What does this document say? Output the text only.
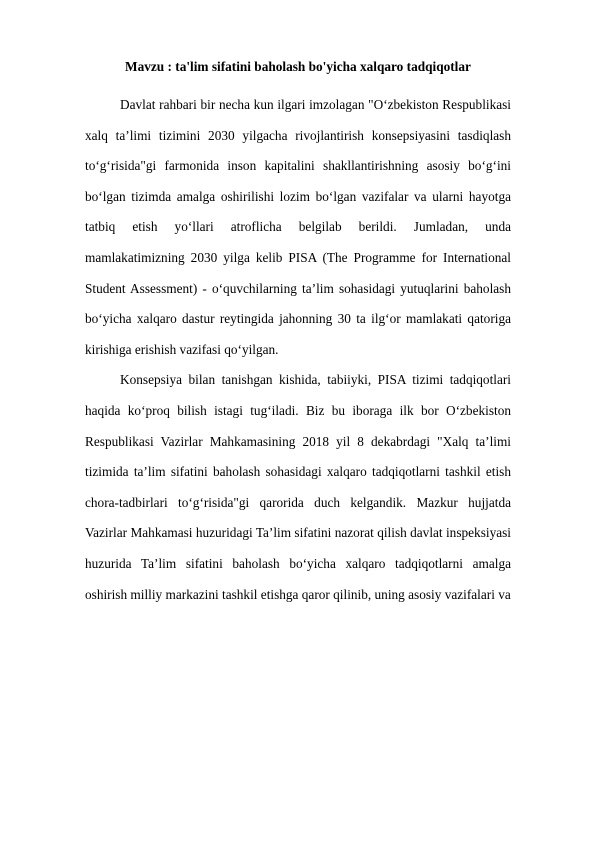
Mavzu : ta'lim sifatini baholash bo'yicha xalqaro tadqiqotlar

Davlat rahbari bir necha kun ilgari imzolagan "O‘zbekiston Respublikasi xalq ta’limi tizimini 2030 yilgacha rivojlantirish konsepsiyasini tasdiqlash to‘g‘risida"gi farmonida inson kapitalini shakllantirishning asosiy bo‘g‘ini bo‘lgan tizimda amalga oshirilishi lozim bo‘lgan vazifalar va ularni hayotga tatbiq etish yo‘llari atroflicha belgilab berildi. Jumladan, unda mamlakatimizning 2030 yilga kelib PISA (The Programme for International Student Assessment) - o‘quvchilarning ta’lim sohasidagi yutuqlarini baholash bo‘yicha xalqaro dastur reytingida jahonning 30 ta ilg‘or mamlakati qatoriga kirishiga erishish vazifasi qo‘yilgan.

Konsepsiya bilan tanishgan kishida, tabiiyki, PISA tizimi tadqiqotlari haqida ko‘proq bilish istagi tug‘iladi. Biz bu iboraga ilk bor O‘zbekiston Respublikasi Vazirlar Mahkamasining 2018 yil 8 dekabrdagi "Xalq ta’limi tizimida ta’lim sifatini baholash sohasidagi xalqaro tadqiqotlarni tashkil etish chora-tadbirlari to‘g‘risida"gi qarorida duch kelgandik. Mazkur hujjatda Vazirlar Mahkamasi huzuridagi Ta’lim sifatini nazorat qilish davlat inspeksiyasi huzurida Ta’lim sifatini baholash bo‘yicha xalqaro tadqiqotlarni amalga oshirish milliy markazini tashkil etishga qaror qilinib, uning asosiy vazifalari va
